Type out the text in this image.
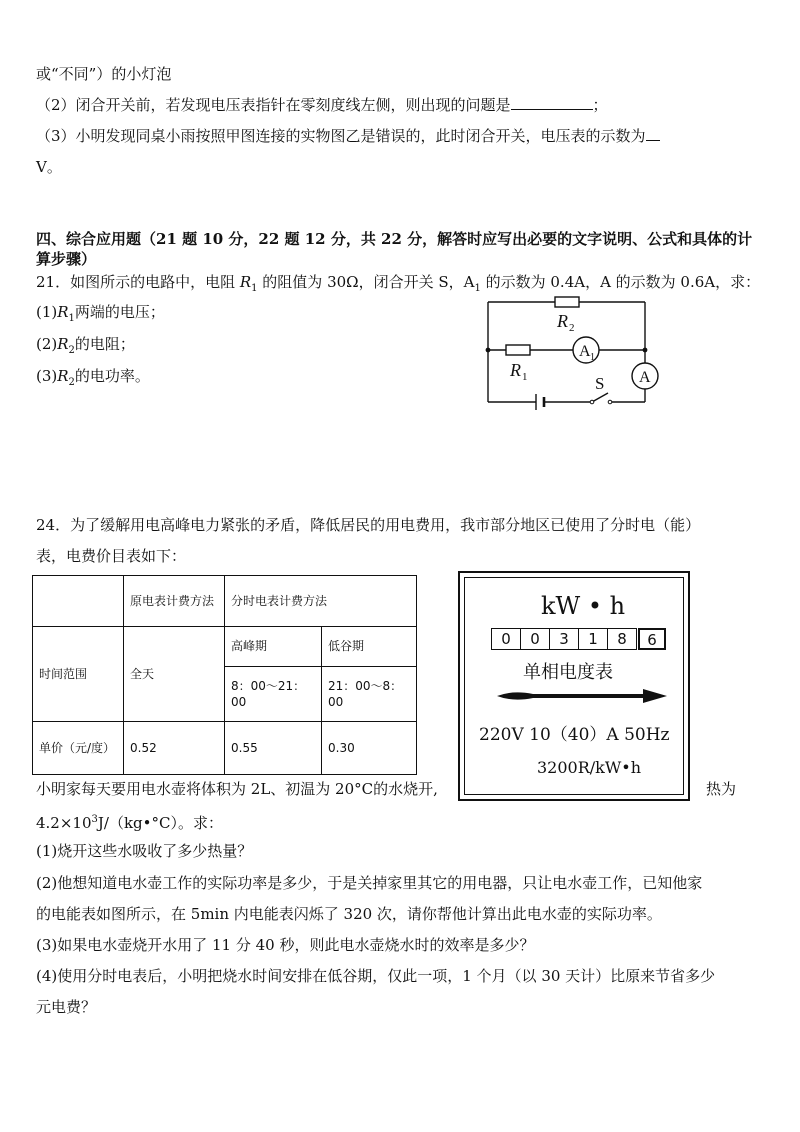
或“不同”）的小灯泡
（2）闭合开关前，若发现电压表指针在零刻度线左侧，则出现的问题是	；
（3）小明发现同桌小雨按照甲图连接的实物图乙是错误的，此时闭合开关，电压表的示数为
V。
四、综合应用题（21 题 10 分，22 题 12 分，共 22 分，解答时应写出必要的文字说明、公式和具体的计
算步骤）
21．如图所示的电路中，电阻 $R_1$ 的阻值为 30Ω，闭合开关 S，$A_1$ 的示数为 0.4A，A 的示数为 0.6A，求：
$(1)R_1$两端的电压；
$(2)R_2$的电阻；
$(3)R_2$的电功率。
A 1
A
R 2
R 1	S
24．为了缓解用电高峰电力紧张的矛盾，降低居民的用电费用，我市部分地区已使用了分时电（能）
表，电费价目表如下：
	原电表计费方法	分时电表计费方法	
时间范围	全天	高峰期	低谷期
		8：00～21：00	21：00～8：00
单价（元/度）	0.52	0.55	0.30
kW • h
0	0	3	1	8	6
单相电度表
220V 10（40）A 50Hz
3200R/kW•h
小明家每天要用电水壶将体积为 2L、初温为 20°C的水烧开,	热为
$4.2\times 10^3J/(kg•^\circ C)$。求：
(1)烧开这些水吸收了多少热量？
(2)他想知道电水壶工作的实际功率是多少，于是关掉家里其它的用电器，只让电水壶工作，已知他家
的电能表如图所示，在 5min 内电能表闪烁了 320 次，请你帮他计算出此电水壶的实际功率。
(3)如果电水壶烧开水用了 11 分 40 秒，则此电水壶烧水时的效率是多少？
(4)使用分时电表后，小明把烧水时间安排在低谷期，仅此一项，1 个月（以 30 天计）比原来节省多少
元电费？
